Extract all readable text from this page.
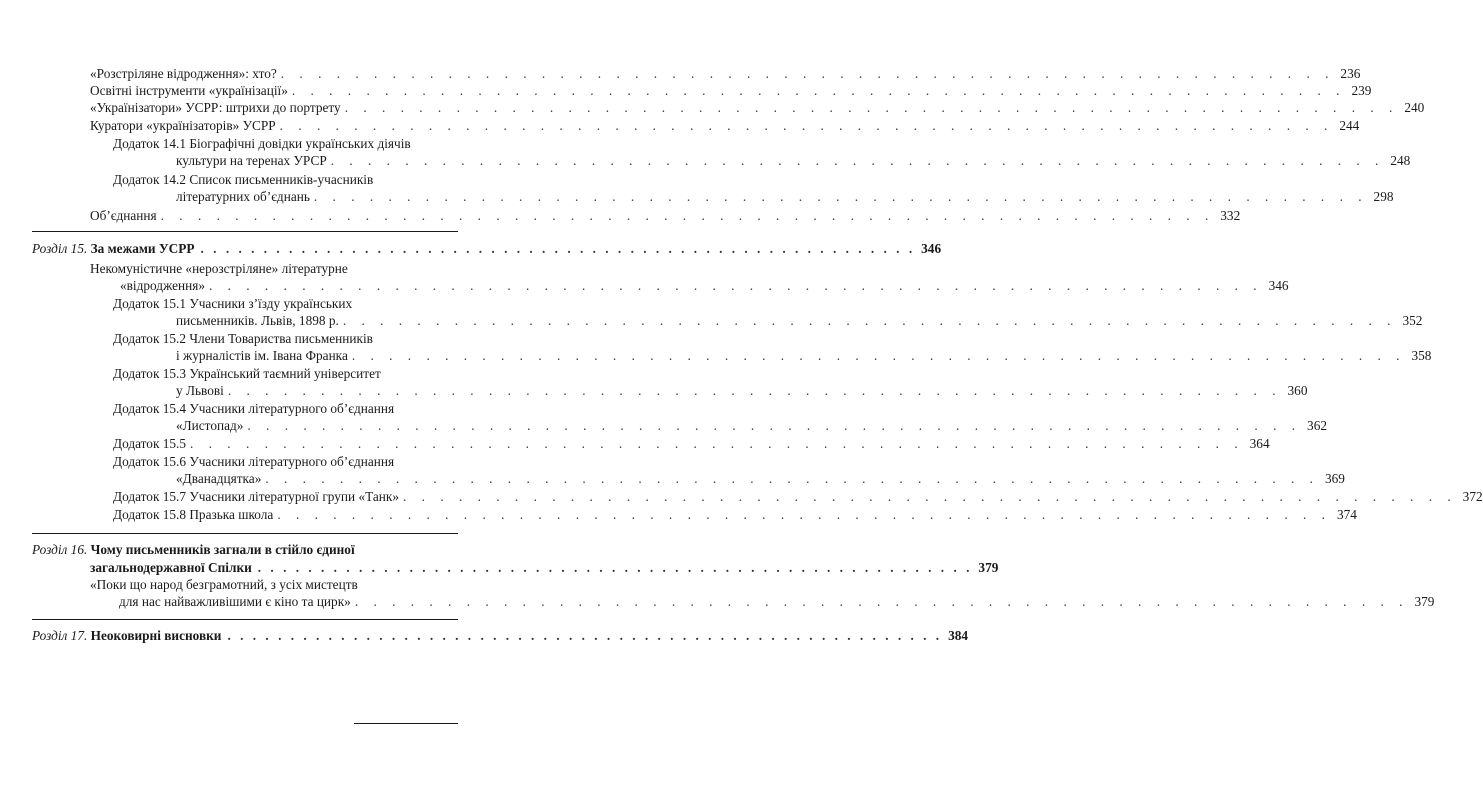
«Розстріляне відродження»: хто? . . . . . . . . . . . . . . . . . . . . . . . . . . . . . . . . . . . . . . . . . . . . . . . . . . . . . . . . . 236
Освітні інструменти «українізації» . . . . . . . . . . . . . . . . . . . . . . . . . . . . . . . . . . . . . . . . . . . . . . . . . . . . . . . . . 239
«Українізатори» УСРР: штрихи до портрету . . . . . . . . . . . . . . . . . . . . . . . . . . . . . . . . . . . . . . . . . . . . . . . . . . . . . . . . . 240
Куратори «українізаторів» УСРР . . . . . . . . . . . . . . . . . . . . . . . . . . . . . . . . . . . . . . . . . . . . . . . . . . . . . . . . . 244
Додаток 14.1 Біографічні довідки українських діячів
культури на теренах УРСР . . . . . . . . . . . . . . . . . . . . . . . . . . . . . . . . . . . . . . . . . . . . . . . . . . . . . . . . . 248
Додаток 14.2 Список письменників-учасників
літературних об’єднань . . . . . . . . . . . . . . . . . . . . . . . . . . . . . . . . . . . . . . . . . . . . . . . . . . . . . . . . . 298
Об’єднання . . . . . . . . . . . . . . . . . . . . . . . . . . . . . . . . . . . . . . . . . . . . . . . . . . . . . . . . . 332
Розділ 15. За межами УСРР . . . . . . . . . . . . . . . . . . . . . . . . . . . . . . . . . . . . . . . . . . . . . . . . . . . . . . . . . 346
Некомуністичне «нерозстріляне» літературне
«відродження» . . . . . . . . . . . . . . . . . . . . . . . . . . . . . . . . . . . . . . . . . . . . . . . . . . . . . . . . . 346
Додаток 15.1 Учасники з’їзду українських
письменників. Львів, 1898 р. . . . . . . . . . . . . . . . . . . . . . . . . . . . . . . . . . . . . . . . . . . . . . . . . . . . . . . . . . 352
Додаток 15.2 Члени Товариства письменників
і журналістів ім. Івана Франка . . . . . . . . . . . . . . . . . . . . . . . . . . . . . . . . . . . . . . . . . . . . . . . . . . . . . . . . . 358
Додаток 15.3 Український таємний університет
у Львові . . . . . . . . . . . . . . . . . . . . . . . . . . . . . . . . . . . . . . . . . . . . . . . . . . . . . . . . . 360
Додаток 15.4 Учасники літературного об’єднання
«Листопад» . . . . . . . . . . . . . . . . . . . . . . . . . . . . . . . . . . . . . . . . . . . . . . . . . . . . . . . . . 362
Додаток 15.5 . . . . . . . . . . . . . . . . . . . . . . . . . . . . . . . . . . . . . . . . . . . . . . . . . . . . . . . . . 364
Додаток 15.6 Учасники літературного об’єднання
«Дванадцятка» . . . . . . . . . . . . . . . . . . . . . . . . . . . . . . . . . . . . . . . . . . . . . . . . . . . . . . . . . 369
Додаток 15.7 Учасники літературної групи «Танк» . . . . . . . . . . . . . . . . . . . . . . . . . . . . . . . . . . . . . . . . . . . . . . . . . . . . . . . . . 372
Додаток 15.8 Празька школа . . . . . . . . . . . . . . . . . . . . . . . . . . . . . . . . . . . . . . . . . . . . . . . . . . . . . . . . . 374
Розділ 16. Чому письменників загнали в стійло єдиної
загальнодержавної Спілки . . . . . . . . . . . . . . . . . . . . . . . . . . . . . . . . . . . . . . . . . . . . . . . . . . . . . . . . . 379
«Поки що народ безграмотний, з усіх мистецтв
для нас найважливішими є кіно та цирк» . . . . . . . . . . . . . . . . . . . . . . . . . . . . . . . . . . . . . . . . . . . . . . . . . . . . . . . . . 379
Розділ 17. Неоковирні висновки . . . . . . . . . . . . . . . . . . . . . . . . . . . . . . . . . . . . . . . . . . . . . . . . . . . . . . . . . 384
